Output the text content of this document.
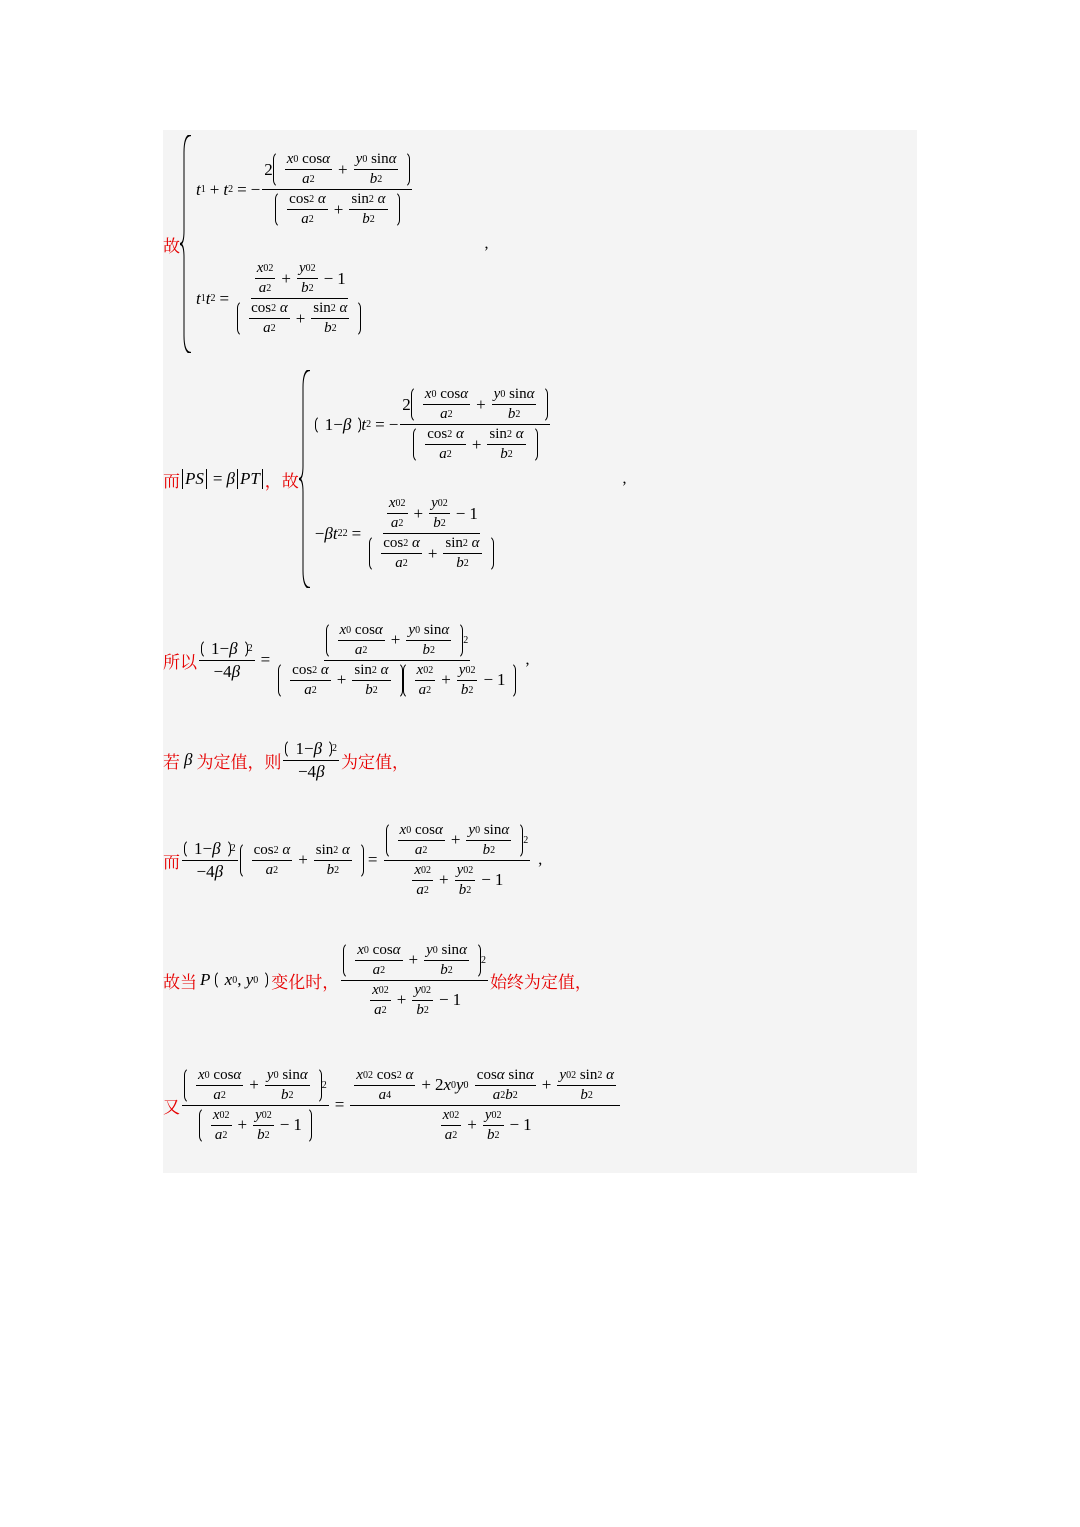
故
t 1 + t 2 = − $2 \frac{\text{x 0 cos α}}{a 2} + \frac{\text{y 0 sin α}}{b 2}$
cos 2
α
a 2 + sin 2
α
b 2
t 1 t $2 = \frac{x 0 2}{a 2} + \frac{y 0 2}{b 2} - 1$
cos 2
α
a 2 + sin 2
α
b 2
,
而 PS = β PT ， 故
1− β t 2 = − $2 \frac{\text{x 0 cos α}}{a 2} + \frac{\text{y 0 sin α}}{b 2}$
cos 2
α
a 2 + sin 2
α
b 2
− β t 2 $2 = \frac{x 0 2}{a 2} + \frac{y 0 2}{b 2} - 1$
cos 2
α
a 2 + sin 2
α
b 2
,
所以 $\frac{1- \beta 2}{-4 \beta} = \frac{\text{x 0 cos α}}{a 2} + \frac{\text{y 0 sin α}}{b 2} 2$
cos 2
α
a 2 + sin 2
α
b $2 \frac{x 0 2}{a 2} + \frac{y 0 2}{b 2} - 1$ ,
若 β 为定值， 则 $\frac{1- \beta 2}{-4 \beta}$ 为定值，
而 $\frac{1- \beta 2}{-4 \beta}$ cos 2
α
a 2 + sin 2
α
b $2 = \frac{\frac{\text{x 0 cos α}}{a 2} + \frac{\text{y 0 sin α}}{b 2} 2}{\frac{x 0 2}{a 2} + \frac{y 0 2}{b 2} - 1}$ ,
故当 P
x 0 , y 0 变化时， $\frac{\frac{\text{x 0 cos α}}{a 2} + \frac{\text{y 0 sin α}}{b 2} 2}{\frac{x 0 2}{a 2} + \frac{y 0 2}{b 2} - 1}$ 始终为定值，
又 $\frac{\frac{\text{x 0 cos α}}{a 2} + \frac{\text{y 0 sin α}}{b 2} 2}{\frac{x 0 2}{a 2} + \frac{y 0 2}{b 2} - 1} = x$ 0 2 cos 2
α
a 4 + 2 x 0 y 0
$\frac{\text{cos α sin α}}{a 2 b 2} + y$ 0 2 sin 2
α
b 2
$\frac{x 0 2}{a 2} + \frac{y 0 2}{b 2} - 1$
